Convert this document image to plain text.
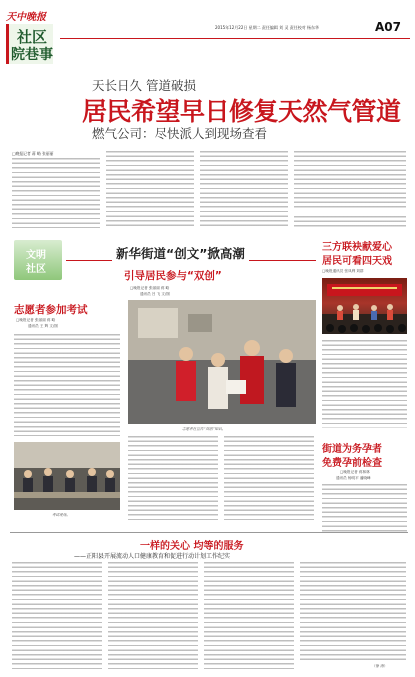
天中晚报
社区
院巷事
2015年12月22日 星期二 责任编辑 刘 灵 责任校对 杨东华	A07
天长日久 管道破损
居民希望早日修复天然气管道
燃气公司：尽快派人到现场查看
□晚报记者 蒋 略 张丽丽
三方联袂献爱心
居民可看四天戏
□晚报通讯员 张凤利 刘群
街道为务孕者
免费孕前检查
□晚报记者 蒋林林
通讯员 杨明平 潘晓峰
文明
社区
新华街道“创文”掀高潮
引导居民参与“双创”
□晚报记者 张丽丽 蒋 略
通讯员 吕 飞 文/图
志愿者在宣传“双创”知识。
志愿者参加考试
□晚报记者 张丽丽 蒋 略
通讯员 王 辉 文/图
考试现场。
一样的关心 均等的服务
——正阳县开展流动人口健康教育和促进行动计划工作纪实
（徐 涛）
